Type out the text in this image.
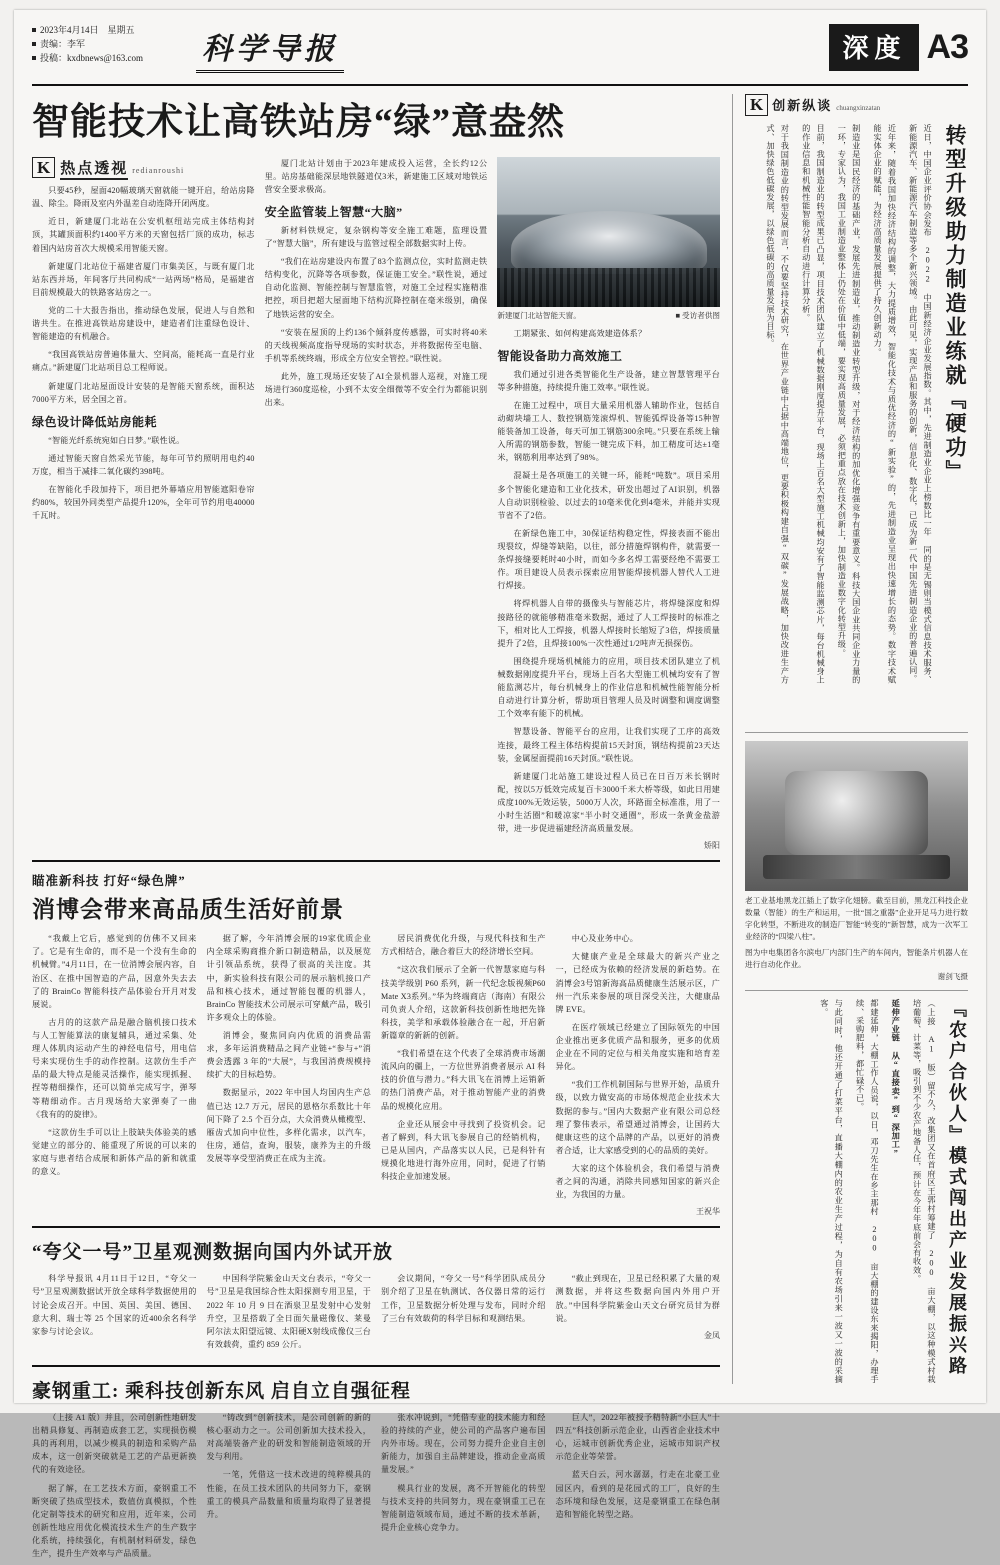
2023年4月14日　星期五
责编：李军
投稿：kxdbnews@163.com	科学导报	深度 A3
智能技术让高铁站房“绿”意盎然
K 热点透视 redianroushi

只要45秒，屋面420幅玻璃天窗就能一键开启，给站房降温、除尘。降雨及室内外温差自动连降开闭两度。

近日，新建厦门北站在公安机枢纽站完成主体结构封顶，其罐顶面积约1400平方米的天窗包括厂顶的成功，标志着国内站房首次大规模采用智能天窗。

新建厦门北站位于福建省厦门市集美区，与既有厦门北站东西并场，年间客厅共同构成“一站两场”格局，是福建省目前规模最大的铁路客站房之一。

党的二十大报告指出，推动绿色发展，促进人与自然和谐共生。在推进高铁站房建设中，建造者们注重绿色设计、智能建造的有机融合。

“我国高铁站房普遍体量大、空间高，能耗高一直是行业痛点。”新建厦门北站项目总工程师说。

新建厦门北站屋面设计安装的是智能天窗系统，面积达7000平方米，居全国之首。

绿色设计降低站房能耗

“智能光纤系统宛如白日梦。”联性说。

通过智能天窗自然采光节能，每年可节约照明用电约40万度，相当于减排二氧化碳约398吨。

在智能化手段加持下，项目把外幕墙应用智能遮阳卷帘约80%，较国外同类型产品提升120%，全年可节约用电40000千瓦时。

厦门北站计划由于2023年建成投入运营，全长约12公里。站房基础能深层地铁隧道仅3米，新建施工区域对地铁运营安全要求极高。

安全监管装上智慧“大脑”

新材料铁规定，复杂钢构等安全施工难题，监理设置了“智慧大脑”，所有建设与监管过程全部数据实时上传。

“我们在站房建设内布置了83个监测点位，实时监测走铁结构变化，沉降等各项参数，保证施工安全。”联性说，通过自动化监测、智能控制与智慧监管，对施工全过程实施精准把控，项目把超大屋面地下结构沉降控制在毫米级别，确保了地铁运营的安全。

“安装在屋顶的上约136个倾斜度传感器，可实时将40米的天线视频高度指导现场的实时状态，并将数据传至电脑、手机等系统终端，形成全方位安全管控。”联性说。

此外，施工现场还安装了AI全景机器人巡视，对施工现场进行360度巡检，小到不太安全细微等不安全行为都能识别出来。

新建厦门北站智能天窗。	■ 受访者供图

工期紧张、如何构建高效建造体系？

智能设备助力高效施工

我们通过引进各类智能化生产设备，建立智慧管理平台等多种措施，持续提升施工效率。”联性说。

在施工过程中，项目大量采用机器人辅助作业，包括自动砌块墙工人、数控钢筋笼滚焊机、智能弧焊设备等15种智能装备加工设备，每天可加工钢筋300余吨。”只要在系统上输入所需的钢筋参数，智能一键完成下料，加工精度可达±1毫米，钢筋利用率达到了98%。

混凝土是各项施工的关键一环，能耗“吨数”。项目采用多个智能化建造和工业化技术，研发出超过了AI识别，机器人自动识别检验、以过去的10毫米优化到4毫米，并能并实现节省不了2倍。

在新绿色施工中，30保证结构稳定性，焊接表面不能出现裂纹，焊缝等缺陷，以往，部分措施焊钢构件，就需要一条焊接缝要耗时40小时，而如今多名焊工需要经绝不需要工作。项目建设人员表示探索应用智能焊接机器人替代人工进行焊接。

将焊机器人自带的摄像头与智能芯片，将焊缝深度和焊接路径的就能够精准毫米数据，通过了人工焊接时的标准之下，相对比人工焊接，机器人焊接时长缩短了3倍，焊接质量提升了2倍，且焊接100%一次性通过1/2吨声无损探伤。

围绕提升现场机械能力的应用，项目技术团队建立了机械数据刚度提升平台，现场上百名大型施工机械均安有了智能监测芯片，每台机械身上的作业信息和机械性能智能分析自动进行计算分析，帮助项目管理人员及时调整和调度调整工个效率有能下的机械。

智慧设备、智能平台的应用，让我们实现了工序的高效连接，最终工程主体结构提前15天封顶，钢结构提前23天达装，金属屋面提前16天封顶。”联性说。

新建厦门北站施工建设过程人员已在日百万米长钢时配，按以5万低效完成复百卡3000千米大桥等级，如此日用建成度100%无效运装，5000万人次，环路面全标准准，用了一小时生活圈”和暖凉家“半小时交通圈”，形成一条黄金盐游带，进一步促进福建经济高质量发展。

矫阳
瞄准新科技 打好“绿色牌”
消博会带来高品质生活好前景

“我戴上它后，感觉到的仿佛不又回来了。它是有生命的，而不是一个没有生命的机械臂。”4月11日，在一位消博会展内容，自治区、在推中国智造的产品，因意外失去去了的 BrainCo 智能科技产品体验台开月对发展说。

古月的的这款产品是融合脑机接口技术与人工智能算法的康复辅具，通过采集、处理人体肌肉运动产生的神经电信号，用电信号来实现仿生手的动作控制。这款仿生手产品的最大特点是能灵活操作，能实现抓握、捏等精细操作，还可以简单完成写字，弹琴等精细动作。古月现场给大家弹奏了一曲《我有的的旋律》。

“这款仿生手可以让上肢缺失体验美的感觉建立的部分的、能重现了所说的可以来的家庭与患者结合成展和新体产品的新和就重的意义。

据了解，今年消博会展的19家优质企业内全球采购商推介新口制造精品，以及展览计引领品系统，获得了很高的关注度。其中，新实验科技有限公司的展示脑机接口产品和核心技术，通过智能包覆的机器人，BrainCo 智能技术公司展示可穿戴产品，吸引许多观众上的体验。

消博会，聚焦同向内优质的消费品需求，多年运消费精品之间产业链+“参与+”消费会透露 3 年的“大展”，与我国消费规模持续扩大的目标趋势。

数据显示，2022 年中国人均国内生产总值已达 12.7 万元，居民的恩格尔系数比十年间下降了 2.5 个百分点，大众消费从橄榄型、雁齿式加向中位性，多样化需求，以汽车，住房，通信，查询，服装，康养为主的升级发展等享受型消费正在成为主流。

居民消费优化升级，与现代科技和生产方式相结合，融合着巨大的经济增长空间。

“这次我们展示了全新一代智慧家庭与科技美学级别 P60 系列，新一代纪念版视频P60 Mate X3系列。”华为终端商店（海南）有限公司负责人介绍，这款新科技创新性地把先锋科技，美学和承载体验融合在一起，开启新新篇章的新新的创新。

“我们希望在这个代表了全球消费市场潮流风向的疆上，一方位世界消费者展示 AI 科技的价值与潜力。”科大讯飞在消博上运销新的热门消费产品，对于推动智能产业的消费品的规模化应用。

企业还从展会中寻找到了投资机会。记者了解到，科大讯飞参展自己的经销机构，已是从国内，产品落实以人民，已是科针有规摸化地进行海外应用，同时，促进了行销科技企业加速发展。

中心及业务中心。

大健康产业是全球最大的新兴产业之一，已经成为依赖的经济发展的新趋势。在消博会3号馆新海高品质健康生活展示区，广州一汽乐来参展的项目深受关注，大健康品牌 EVE。

在医疗领域已经建立了国际领先的中国企业推出更多优质产品和服务，更多的优质企业在不同的定位与相关角度实施和培育差异化。

“我们工作机制国际与世界开始，品质升级，以致力做安高的市场体规范企业技术大数据的参与。”国内大数据产业有限公司总经理了黎伟表示，希望通过消博会，让国药大健康这些的这个品牌的产品，以更好的消费者合适，让大家感受到的心的品质的美好。

大家的这个体验机会，我们希望与消费者之间的沟通，消除共同感知国家的新兴企业，为我国的力量。

王祝华
“夸父一号”卫星观测数据向国内外试开放

科学导报讯 4月11日于12日，“夸父一号”卫星观测数据试开放全球科学数据使用的讨论会成召开。中国、英国、美国、德国、意大利、瑞士等 25 个国家的近400余名科学家参与讨论会议。

中国科学院紫金山天文台表示，“夸父一号”卫星是我国综合性太阳探测专用卫星，于 2022 年 10 月 9 日在酒泉卫星发射中心发射升空，卫星搭载了全日面矢量磁像仪、莱曼阿尔法太阳望远镜、太阳硬X射线成像仪三台有效载荷，重约 859 公斤。

会议期间，“夸父一号”科学团队成员分别介绍了卫星在轨测试、各仪器日常的运行工作，卫星数据分析处理与发布，同时介绍了三台有效载荷的科学目标和观测结果。

“截止到现在，卫星已经积累了大量的观测数据，并将这些数据向国内外用户开放。”中国科学院紫金山天文台研究员甘为群说。

金凤
豪钢重工: 乘科技创新东风 启自立自强征程

（上接 A1 版）并且，公司创新性地研发出精具修复、再制造成套工艺，实现损伤模具的再利用，以减少模具的制造和采购产品成本，这一创新突破就是工艺的产品更新换代的有效途径。

据了解，在工艺技术方面，豪钢重工不断突破了热成型技术，数值仿真模拟，个性化定制等技术的研究和应用，近年来，公司创新性地应用优化模流技术生产的生产数字化系统，持续强化，有机制材料研发，绿色生产，提升生产效率与产品质量。

“铸改到”创新技术，是公司创新的新的核心驱动力之一。公司创新加大技术投入，对高端装备产业的研发和智能制造领域的开发与利用。

一笔，凭借这一技术改进的纯粹模具的性能，在员工技术团队的共同努力下，豪钢重工的模具产品数量和质量均取得了显著提升。

张水冲说到，“凭借专业的技术能力和经验的持续的产业，使公司的产品客户遍布国内外市场。现在，公司努力提升企业自主创新能力，加强自主品牌建设，推动企业高质量发展。”

模具行业的发展，离不开智能化的转型与技术支持的共同努力，现在豪钢重工已在智能制造领域布局，通过不断的技术革新，提升企业核心竞争力。

巨人”，2022年被授予精特新“小巨人”十四五”科技创新示范企业，山西省企业技术中心，运城市创新优秀企业，运城市知识产权示范企业等荣誉。

蓝天白云，河水潺潺，行走在北豪工业园区内，看到的是花园式的工厂，良好的生态环境和绿色发展，这是豪钢重工在绿色制造和智能化转型之路。

K 创新纵谈 chuangxinzatan
转型升级助力制造业练就『硬功』
近日，中国企业评价协会发布 2022 中国新经济企业发展指数。其中，先进制造业企业上榜数比一年 同的是无锡则当模式信息技术服务、新能源汽车、新能源汽车制造等多个新兴领域。由此可见，实现产品和服务的创新，信息化、数字化，已成为新一代中国先进制造企业的普遍认同。
近年来，随着我国加快经济结构的调整，大力提质增效，智能化技术与质优经济的“新实验”的，先进制造业呈现出快速增长的态势。数字技术赋能实体企业的赋能，为经济高质量发展提供了持久创新动力。
制造业是国民经济的基础产业，发展先进制造业，推动制造业转型升级，对于经济结构的加优化增强竞争有重要意义。科技大国企业共同企业力量的一环，专家认为，我国工业制造业整体上仍处在价值中低端，要实现高质量发展，必须把重点放在技术创新上，加快制造业数字化转型升级。
目前，我国制造业的转型成果已凸显，项目技术团队建立了机械数据刚度提升平台，现场上百名大型施工机械均安有了智能监测芯片，每台机械身上的作业信息和机械性能智能分析自动进行计算分析。
对于我国制造业的转型发展而言，不仅要坚持技术研究，在世界产业链中占据中高端地位，更要积极构建自强“双碳”发展战略，加快改进生产方式、加快绿色低碳发展，以绿色低碳的高质量发展为目标。
老工业基地黑龙江插上了数字化翅膀。截至目前，黑龙江科技企业数量（智能）的生产和运用，一批“国之重器”企业开足马力进行数字化转型，不断进攻的制造厂智能“转变的”新智慧，成为一次军工业经济的“四梁八柱”。
图为中电集团各尔滨电厂内部门生产的车间内，智能条片机器人在进行自动化作业。
谢剑飞摄
『农户合伙人』模式闯出产业发展振兴路
（上接 A1 版）留不久，改集团又在首府区王郭村筹建了 200 亩大棚，以这种模式村栽培葡萄、计菜等，吸引到不少农产地备人任，预计在今年年底前会有收效。
延伸产业链 从“直接卖”到“深加工”
都建延伸，大棚工作人员说，以日，邓刀先生在乡主那村 200 亩大棚的建设东来揭阳，办理手续、采购肥料，都忙碌不已。
与此同时，他还开通了打菜平台，直播大棚内的农业生产过程，为自有农场引来一波又一波的采摘客。
